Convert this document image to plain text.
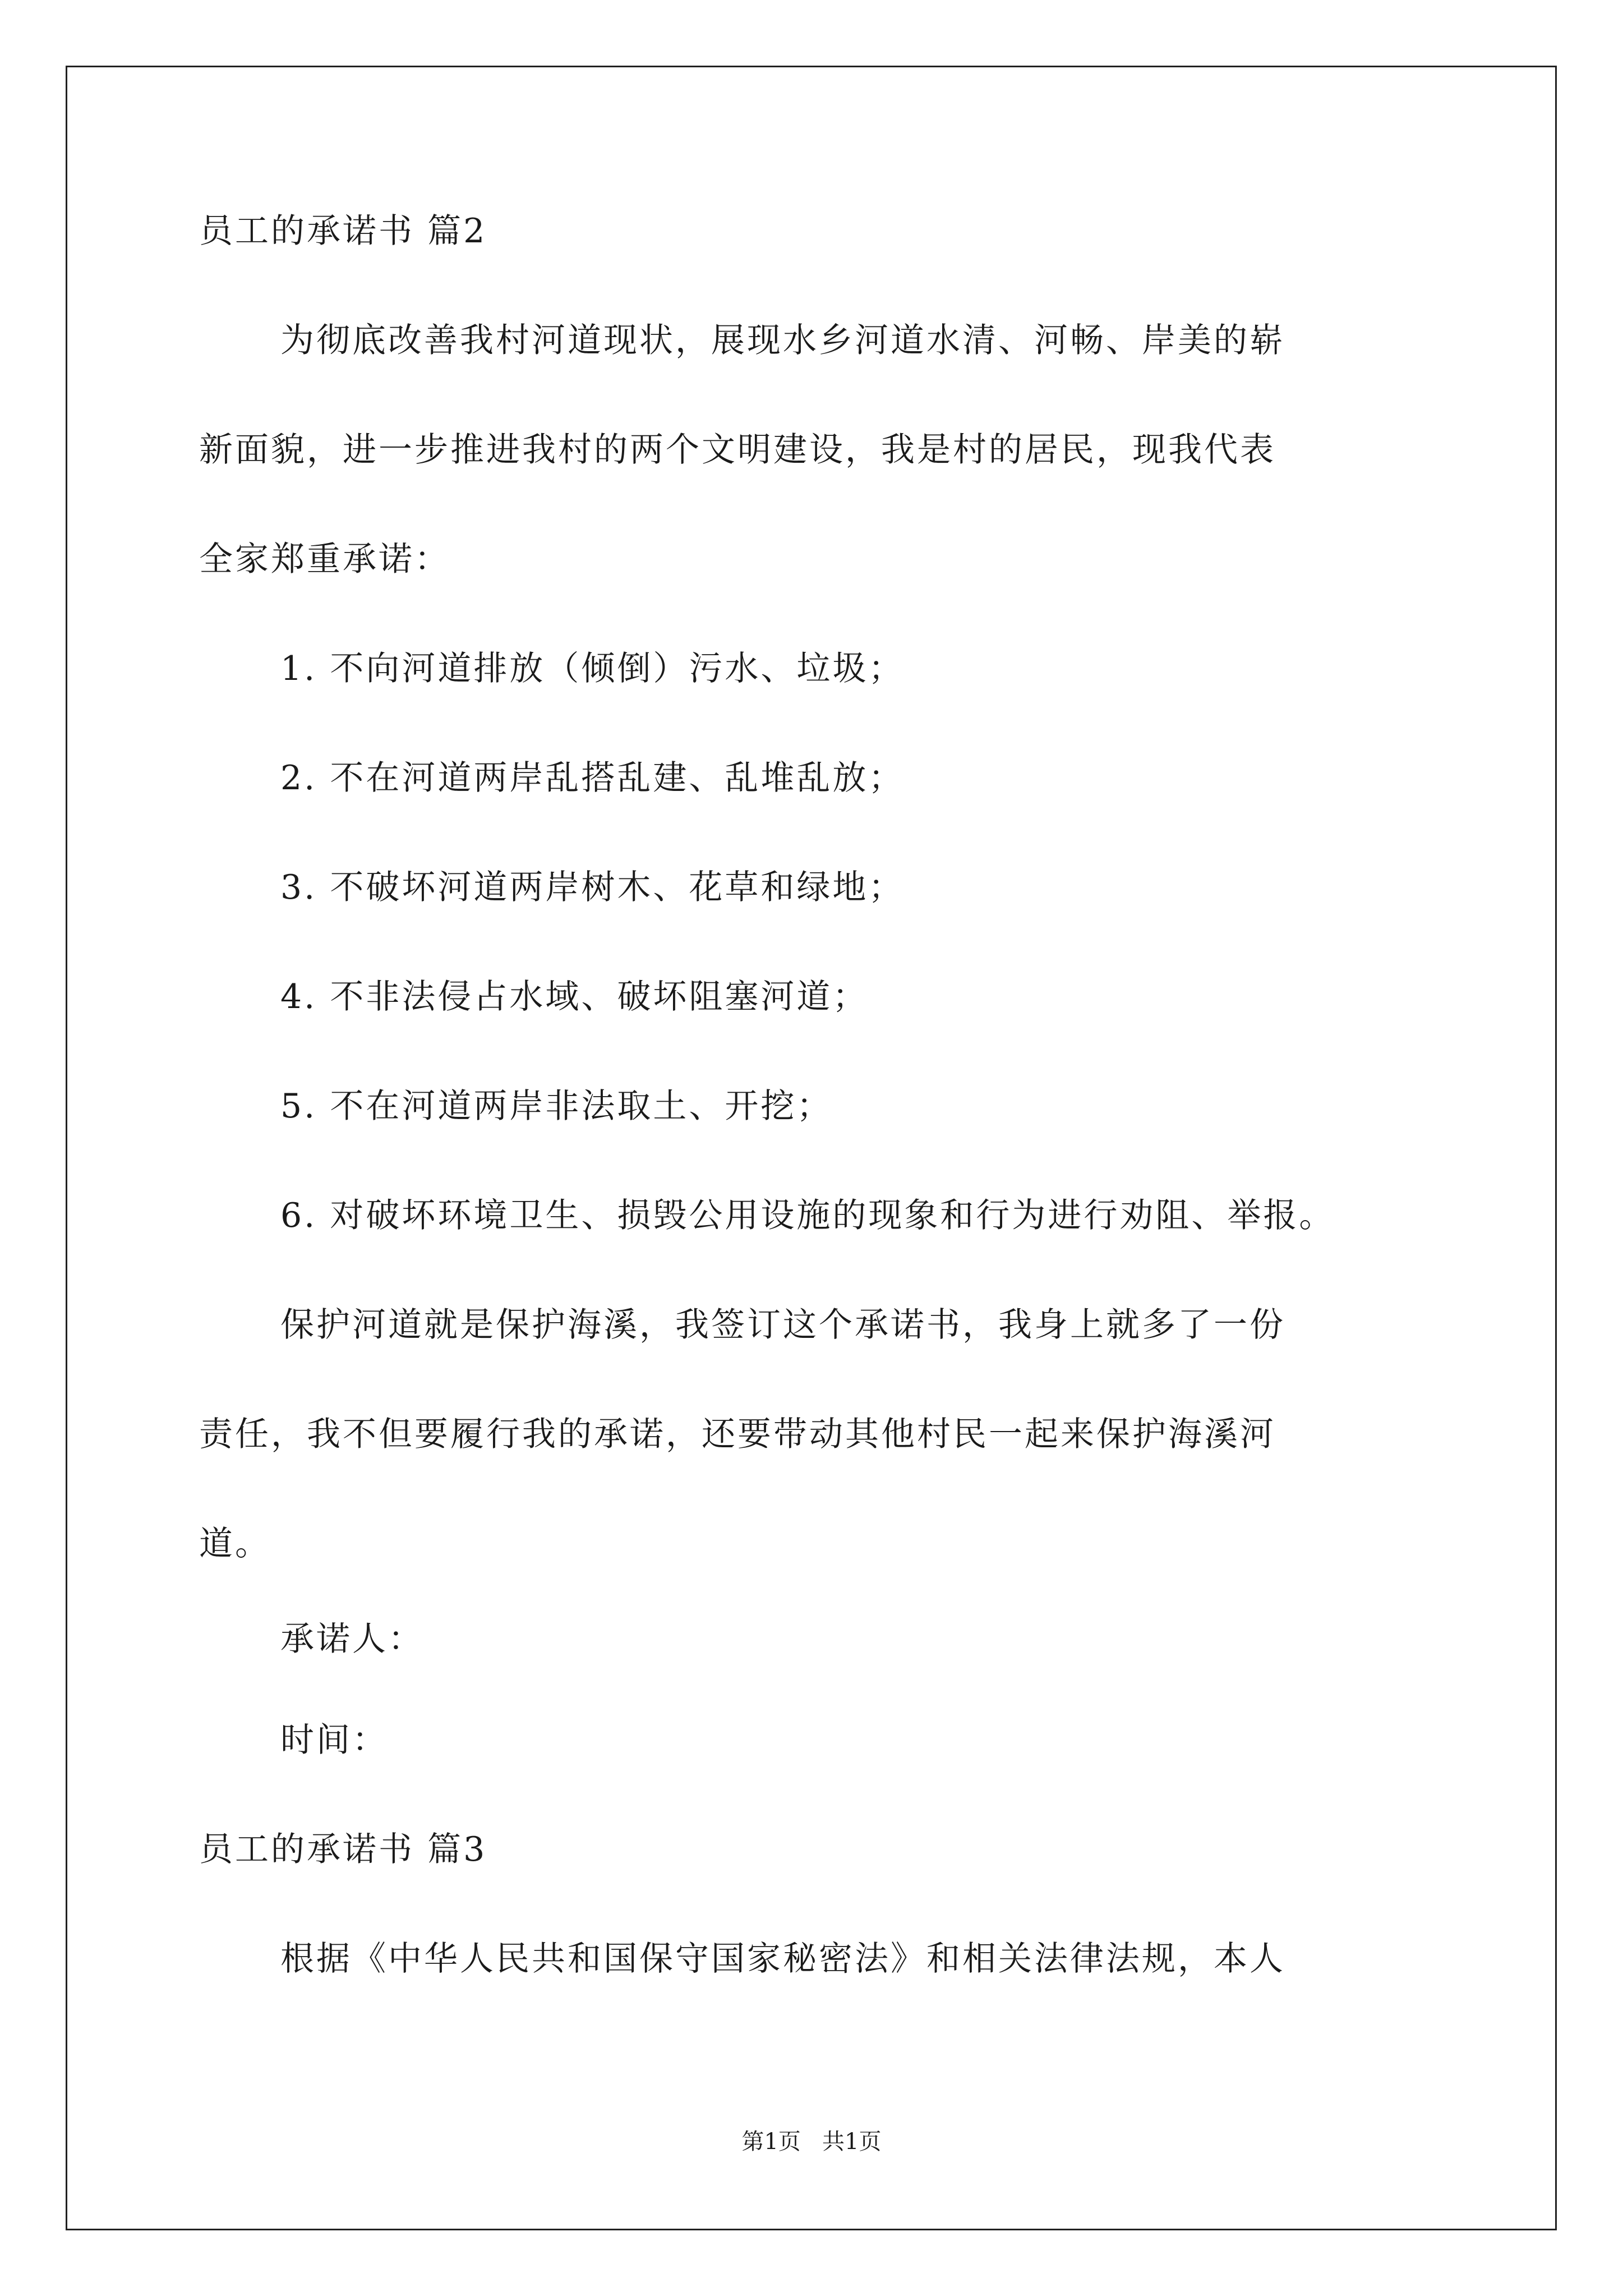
员工的承诺书 篇2
为彻底改善我村河道现状，展现水乡河道水清、河畅、岸美的崭
新面貌，进一步推进我村的两个文明建设，我是村的居民，现我代表
全家郑重承诺：
1. 不向河道排放（倾倒）污水、垃圾；
2. 不在河道两岸乱搭乱建、乱堆乱放；
3. 不破坏河道两岸树木、花草和绿地；
4. 不非法侵占水域、破坏阻塞河道；
5. 不在河道两岸非法取土、开挖；
6. 对破坏环境卫生、损毁公用设施的现象和行为进行劝阻、举报。
保护河道就是保护海溪，我签订这个承诺书，我身上就多了一份
责任，我不但要履行我的承诺，还要带动其他村民一起来保护海溪河
道。
承诺人：
时间：
员工的承诺书 篇3
根据《中华人民共和国保守国家秘密法》和相关法律法规，本人
第1页   共1页
